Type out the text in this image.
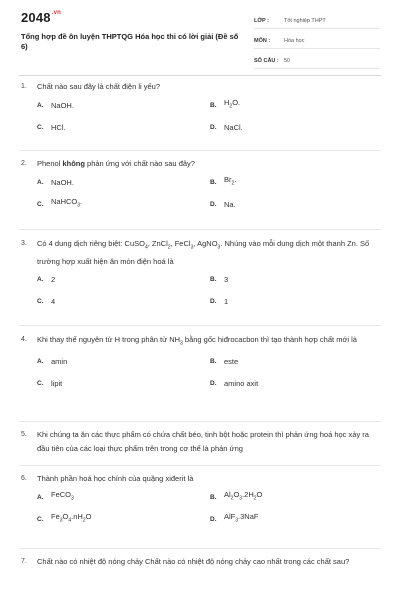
$2048^{.vn}$
Tổng hợp đề ôn luyện THPTQG Hóa học thi có lời giải (Đề số 6)
LỚP :	Tốt nghiệp THPT
MÔN :	Hóa học
SỐ CÂU : 50
1.	Chất nào sau đây là chất điện li yếu?
A.	NaOH.	B.	$H_2O$.
C.	HCl.	D.	NaCl.
2.	Phenol không phản ứng với chất nào sau đây?
A.	NaOH.	B.	$Br_2$.
C.	NaHCO$_3$.	D.	Na.
3.	Có 4 dung dịch riêng biệt: CuSO$_4$, ZnCl$_2$, FeCl$_3$, AgNO$_3$. Nhúng vào mỗi dung dịch một thanh Zn. Số trường hợp xuất hiện ăn mòn điện hoá là
A.	2	B.	3
C.	4	D.	1
4.	Khi thay thế nguyên tử H trong phân tử $NH_3$ bằng gốc hiđrocacbon thì tạo thành hợp chất mới là
A.	amin	B.	este
C.	lipit	D.	amino axit
5.	Khi chúng ta ăn các thực phẩm có chứa chất béo, tinh bột hoặc protein thì phản ứng hoá học xảy ra đầu tiên của các loại thực phẩm trên trong cơ thể là phản ứng
6.	Thành phần hoá học chính của quặng xiđerit là
A.	FeCO$_3$	B.	$Al_2O_3.2H_2O$
C.	$Fe_3O_4.nH_2O$	D.	AlF$_3$.3NaF
7.	Chất nào có nhiệt độ nóng chảy Chất nào có nhiệt độ nóng chảy cao nhất trong các chất sau?
